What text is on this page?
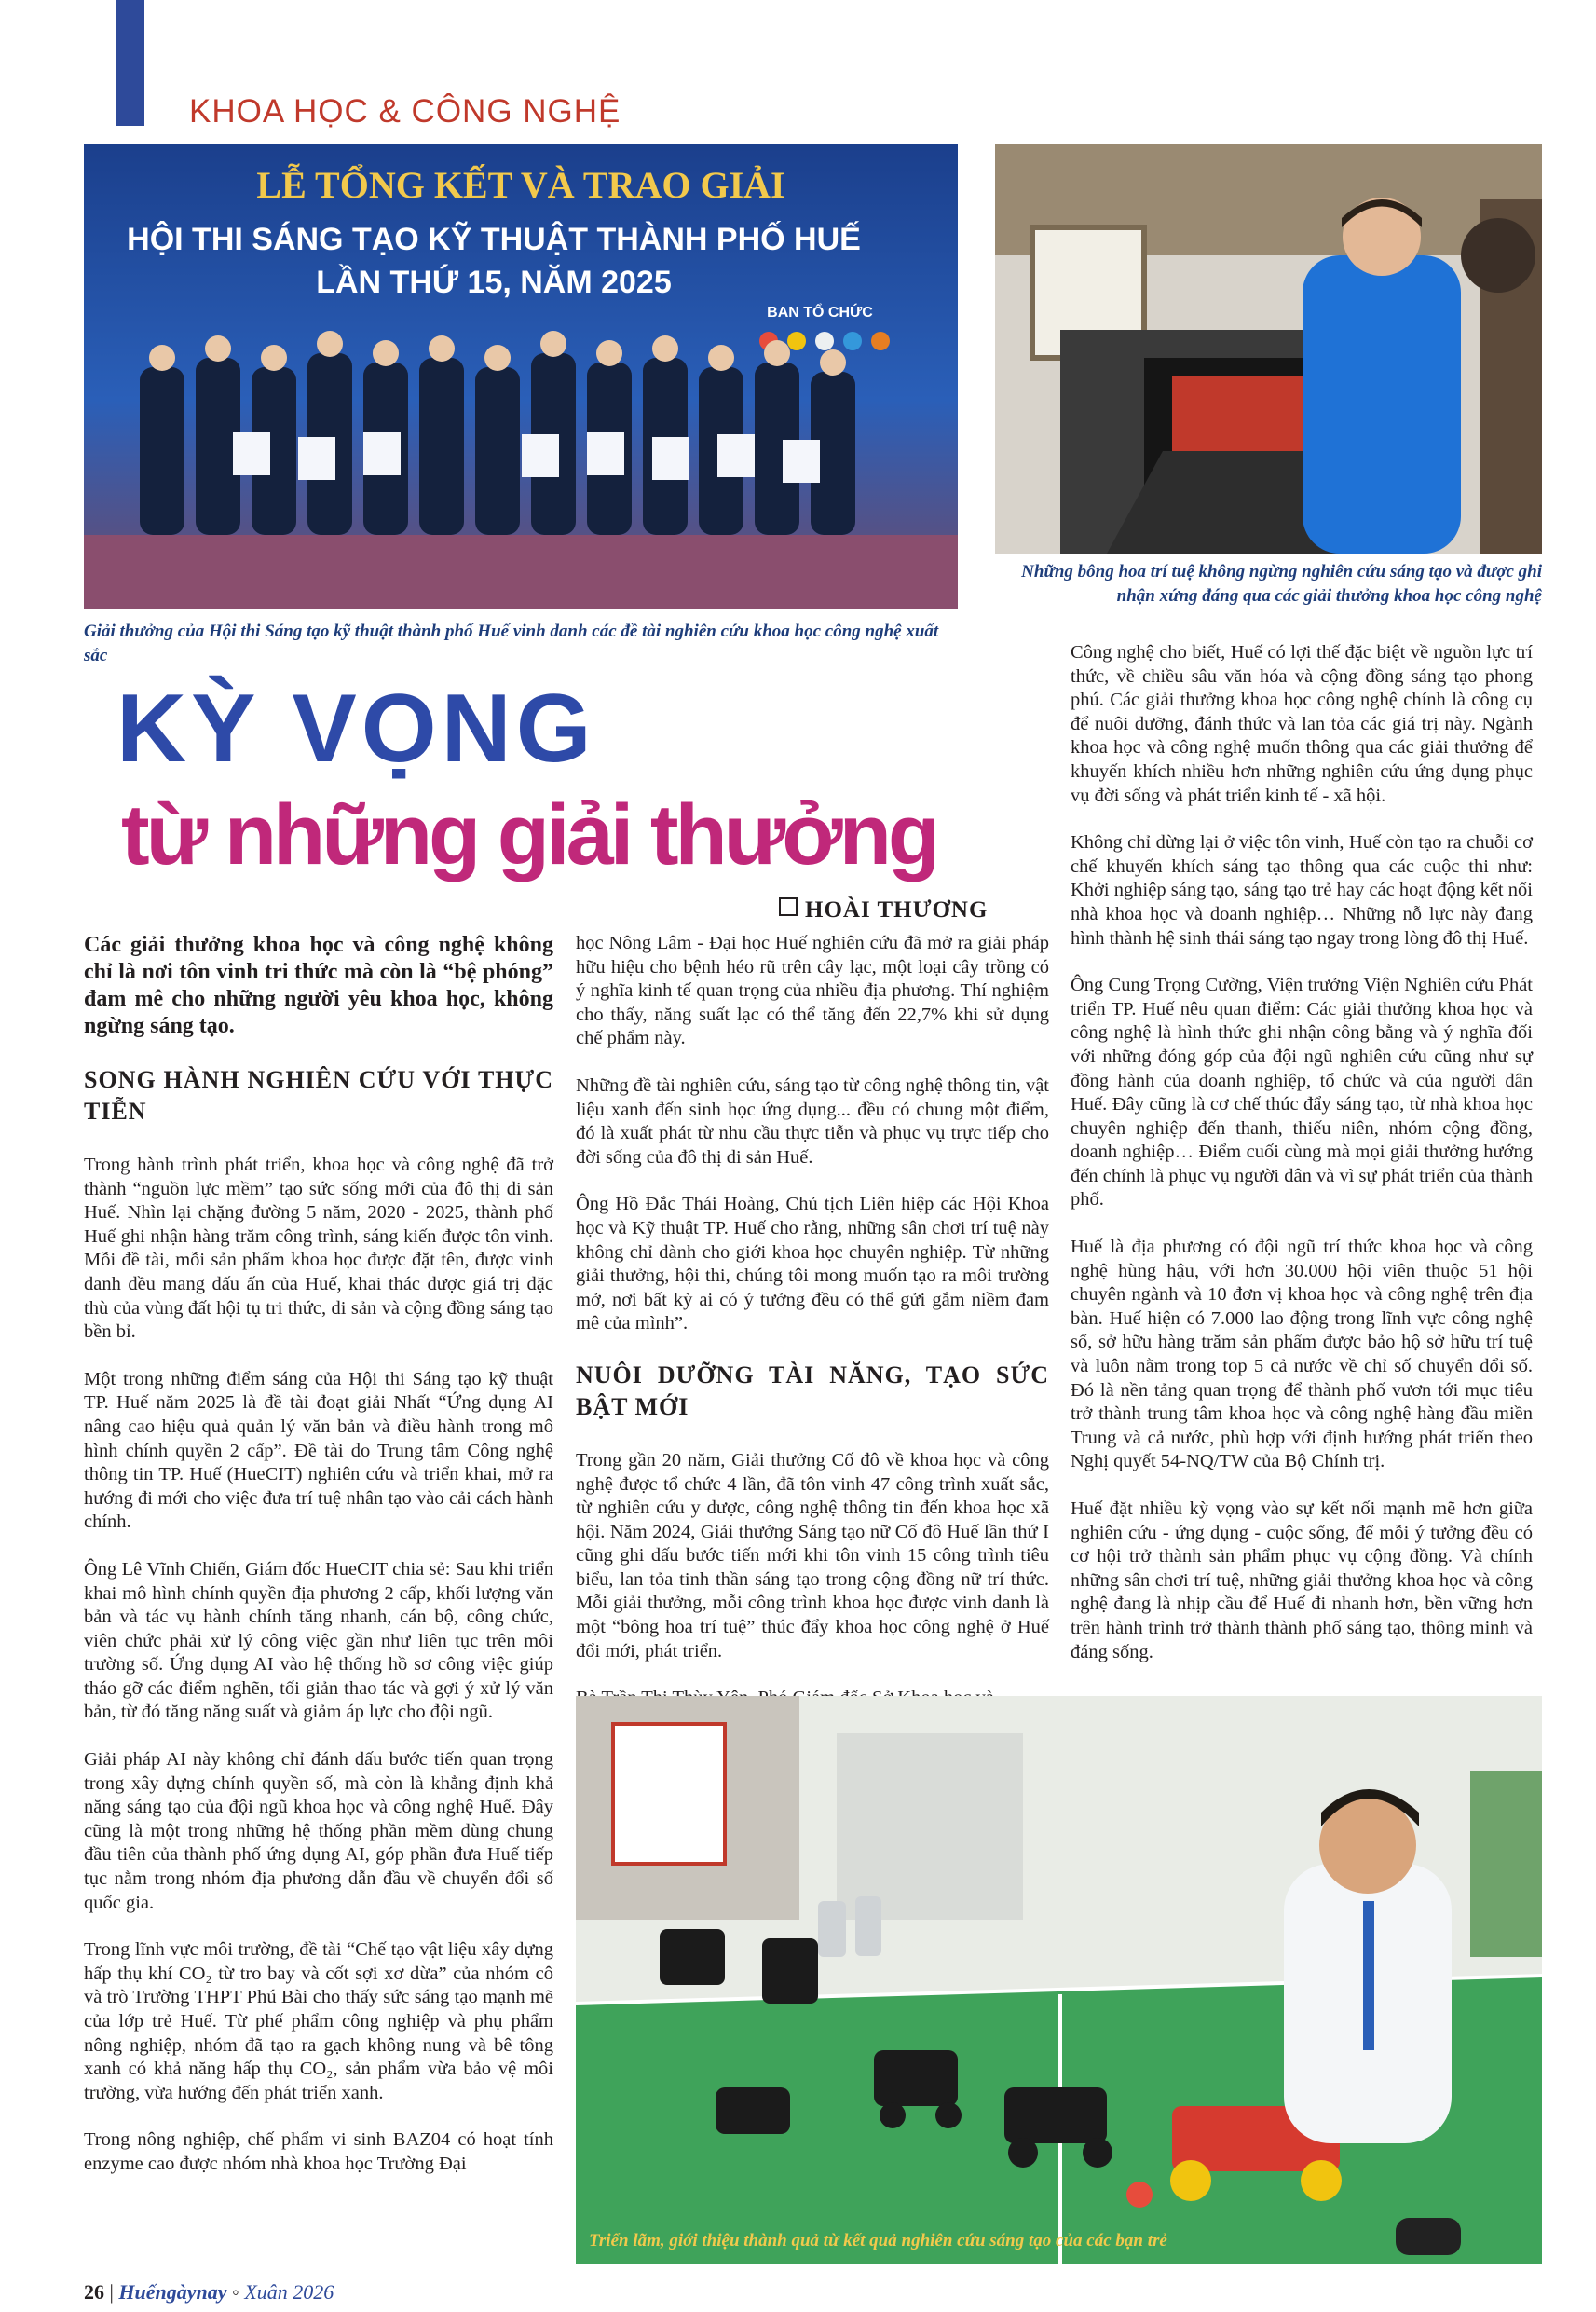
KHOA HỌC & CÔNG NGHỆ
LỄ TỔNG KẾT VÀ TRAO GIẢI
HỘI THI SÁNG TẠO KỸ THUẬT THÀNH PHỐ HUẾ
LẦN THỨ 15, NĂM 2025
BAN TỔ CHỨC
Giải thưởng của Hội thi Sáng tạo kỹ thuật thành phố Huế vinh danh các đề tài nghiên cứu khoa học công nghệ xuất sắc
Những bông hoa trí tuệ không ngừng nghiên cứu sáng tạo và được ghi nhận xứng đáng qua các giải thưởng khoa học công nghệ
KỲ VỌNG
từ những giải thưởng
HOÀI THƯƠNG

Các giải thưởng khoa học và công nghệ không chỉ là nơi tôn vinh tri thức mà còn là “bệ phóng” đam mê cho những người yêu khoa học, không ngừng sáng tạo.

SONG HÀNH NGHIÊN CỨU VỚI THỰC TIỄN

Trong hành trình phát triển, khoa học và công nghệ đã trở thành “nguồn lực mềm” tạo sức sống mới của đô thị di sản Huế. Nhìn lại chặng đường 5 năm, 2020 - 2025, thành phố Huế ghi nhận hàng trăm công trình, sáng kiến được tôn vinh. Mỗi đề tài, mỗi sản phẩm khoa học được đặt tên, được vinh danh đều mang dấu ấn của Huế, khai thác được giá trị đặc thù của vùng đất hội tụ tri thức, di sản và cộng đồng sáng tạo bền bỉ.

Một trong những điểm sáng của Hội thi Sáng tạo kỹ thuật TP. Huế năm 2025 là đề tài đoạt giải Nhất “Ứng dụng AI nâng cao hiệu quả quản lý văn bản và điều hành trong mô hình chính quyền 2 cấp”. Đề tài do Trung tâm Công nghệ thông tin TP. Huế (HueCIT) nghiên cứu và triển khai, mở ra hướng đi mới cho việc đưa trí tuệ nhân tạo vào cải cách hành chính.

Ông Lê Vĩnh Chiến, Giám đốc HueCIT chia sẻ: Sau khi triển khai mô hình chính quyền địa phương 2 cấp, khối lượng văn bản và tác vụ hành chính tăng nhanh, cán bộ, công chức, viên chức phải xử lý công việc gần như liên tục trên môi trường số. Ứng dụng AI vào hệ thống hồ sơ công việc giúp tháo gỡ các điểm nghẽn, tối giản thao tác và gợi ý xử lý văn bản, từ đó tăng năng suất và giảm áp lực cho đội ngũ.

Giải pháp AI này không chỉ đánh dấu bước tiến quan trọng trong xây dựng chính quyền số, mà còn là khẳng định khả năng sáng tạo của đội ngũ khoa học và công nghệ Huế. Đây cũng là một trong những hệ thống phần mềm dùng chung đầu tiên của thành phố ứng dụng AI, góp phần đưa Huế tiếp tục nằm trong nhóm địa phương dẫn đầu về chuyển đổi số quốc gia.

Trong lĩnh vực môi trường, đề tài “Chế tạo vật liệu xây dựng hấp thụ khí CO₂ từ tro bay và cốt sợi xơ dừa” của nhóm cô và trò Trường THPT Phú Bài cho thấy sức sáng tạo mạnh mẽ của lớp trẻ Huế. Từ phế phẩm công nghiệp và phụ phẩm nông nghiệp, nhóm đã tạo ra gạch không nung và bê tông xanh có khả năng hấp thụ CO₂, sản phẩm vừa bảo vệ môi trường, vừa hướng đến phát triển xanh.

Trong nông nghiệp, chế phẩm vi sinh BAZ04 có hoạt tính enzyme cao được nhóm nhà khoa học Trường Đại

học Nông Lâm - Đại học Huế nghiên cứu đã mở ra giải pháp hữu hiệu cho bệnh héo rũ trên cây lạc, một loại cây trồng có ý nghĩa kinh tế quan trọng của nhiều địa phương. Thí nghiệm cho thấy, năng suất lạc có thể tăng đến 22,7% khi sử dụng chế phẩm này.

Những đề tài nghiên cứu, sáng tạo từ công nghệ thông tin, vật liệu xanh đến sinh học ứng dụng... đều có chung một điểm, đó là xuất phát từ nhu cầu thực tiễn và phục vụ trực tiếp cho đời sống của đô thị di sản Huế.

Ông Hồ Đắc Thái Hoàng, Chủ tịch Liên hiệp các Hội Khoa học và Kỹ thuật TP. Huế cho rằng, những sân chơi trí tuệ này không chỉ dành cho giới khoa học chuyên nghiệp. Từ những giải thưởng, hội thi, chúng tôi mong muốn tạo ra môi trường mở, nơi bất kỳ ai có ý tưởng đều có thể gửi gắm niềm đam mê của mình”.

NUÔI DƯỠNG TÀI NĂNG, TẠO SỨC BẬT MỚI

Trong gần 20 năm, Giải thưởng Cố đô về khoa học và công nghệ được tổ chức 4 lần, đã tôn vinh 47 công trình xuất sắc, từ nghiên cứu y dược, công nghệ thông tin đến khoa học xã hội. Năm 2024, Giải thưởng Sáng tạo nữ Cố đô Huế lần thứ I cũng ghi dấu bước tiến mới khi tôn vinh 15 công trình tiêu biểu, lan tỏa tinh thần sáng tạo trong cộng đồng nữ trí thức. Mỗi giải thưởng, mỗi công trình khoa học được vinh danh là một “bông hoa trí tuệ” thúc đẩy khoa học công nghệ ở Huế đổi mới, phát triển.

Công nghệ cho biết, Huế có lợi thế đặc biệt về nguồn lực trí thức, về chiều sâu văn hóa và cộng đồng sáng tạo phong phú. Các giải thưởng khoa học công nghệ chính là công cụ để nuôi dưỡng, đánh thức và lan tỏa các giá trị này. Ngành khoa học và công nghệ muốn thông qua các giải thưởng để khuyến khích nhiều hơn những nghiên cứu ứng dụng phục vụ đời sống và phát triển kinh tế - xã hội.

Không chỉ dừng lại ở việc tôn vinh, Huế còn tạo ra chuỗi cơ chế khuyến khích sáng tạo thông qua các cuộc thi như: Khởi nghiệp sáng tạo, sáng tạo trẻ hay các hoạt động kết nối nhà khoa học và doanh nghiệp… Những nỗ lực này đang hình thành hệ sinh thái sáng tạo ngay trong lòng đô thị Huế.

Ông Cung Trọng Cường, Viện trưởng Viện Nghiên cứu Phát triển TP. Huế nêu quan điểm: Các giải thưởng khoa học và công nghệ là hình thức ghi nhận công bằng và ý nghĩa đối với những đóng góp của đội ngũ nghiên cứu cũng như sự đồng hành của doanh nghiệp, tổ chức và của người dân Huế. Đây cũng là cơ chế thúc đẩy sáng tạo, từ nhà khoa học chuyên nghiệp đến thanh, thiếu niên, nhóm cộng đồng, doanh nghiệp… Điểm cuối cùng mà mọi giải thưởng hướng đến chính là phục vụ người dân và vì sự phát triển của thành phố.

Huế là địa phương có đội ngũ trí thức khoa học và công nghệ hùng hậu, với hơn 30.000 hội viên thuộc 51 hội chuyên ngành và 10 đơn vị khoa học và công nghệ trên địa bàn. Huế hiện có 7.000 lao động trong lĩnh vực công nghệ số, sở hữu hàng trăm sản phẩm được bảo hộ sở hữu trí tuệ và luôn nằm trong top 5 cả nước về chỉ số chuyển đổi số. Đó là nền tảng quan trọng để thành phố vươn tới mục tiêu trở thành trung tâm khoa học và công nghệ hàng đầu miền Trung và cả nước, phù hợp với định hướng phát triển theo Nghị quyết 54-NQ/TW của Bộ Chính trị.

Huế đặt nhiều kỳ vọng vào sự kết nối mạnh mẽ hơn giữa nghiên cứu - ứng dụng - cuộc sống, để mỗi ý tưởng đều có cơ hội trở thành sản phẩm phục vụ cộng đồng. Và chính những sân chơi trí tuệ, những giải thưởng khoa học và công nghệ đang là nhịp cầu để Huế đi nhanh hơn, bền vững hơn trên hành trình trở thành thành phố sáng tạo, thông minh và đáng sống.

Triển lãm, giới thiệu thành quả từ kết quả nghiên cứu sáng tạo của các bạn trẻ
26 | Huếngàynay ◦ Xuân 2026
